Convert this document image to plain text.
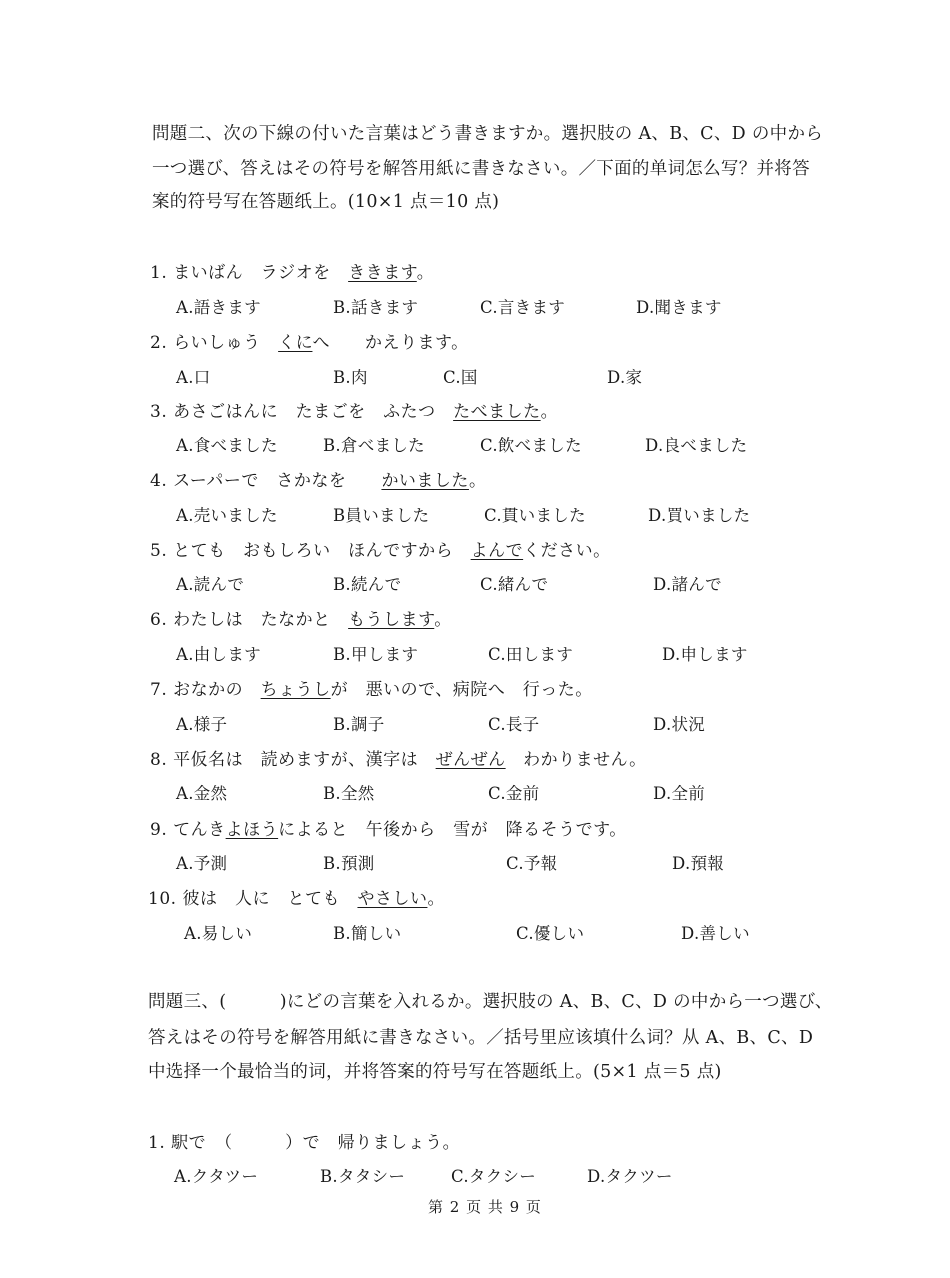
問題二、次の下線の付いた言葉はどう書きますか。選択肢の A、B、C、D の中から
一つ選び、答えはその符号を解答用紙に書きなさい。／下面的单词怎么写？并将答
案的符号写在答题纸上。(10×1 点＝10 点)
1. まいばん　ラジオを　ききます。
A.語きます	B.話きます	C.言きます	D.聞きます
2. らいしゅう　くにへ　　かえります。
A.口	B.肉	C.国	D.家
3. あさごはんに　たまごを　ふたつ　たべました。
A.食べました	B.倉べました	C.飲べました	D.良べました
4. スーパーで　さかなを　　かいました。
A.売いました	B員いました	C.貫いました	D.買いました
5. とても　おもしろい　ほんですから　よんでください。
A.読んで	B.続んで	C.緒んで	D.諸んで
6. わたしは　たなかと　もうします。
A.由します	B.甲します	C.田します	D.申します
7. おなかの　ちょうしが　悪いので、病院へ　行った。
A.様子	B.調子	C.長子	D.状況
8. 平仮名は　読めますが、漢字は　ぜんぜん　わかりません。
A.金然	B.全然	C.金前	D.全前
9. てんきよほうによると　午後から　雪が　降るそうです。
A.予測	B.預測	C.予報	D.預報
10. 彼は　人に　とても　やさしい。
A.易しい	B.簡しい	C.優しい	D.善しい
問題三、(　　　)にどの言葉を入れるか。選択肢の A、B、C、D の中から一つ選び、
答えはその符号を解答用紙に書きなさい。／括号里应该填什么词？从 A、B、C、D
中选择一个最恰当的词，并将答案的符号写在答题纸上。(5×1 点＝5 点)
1. 駅で　（　　　）で　帰りましょう。
A.クタツー	B.タタシー	C.タクシー	D.タクツー
第 2 页 共 9 页
